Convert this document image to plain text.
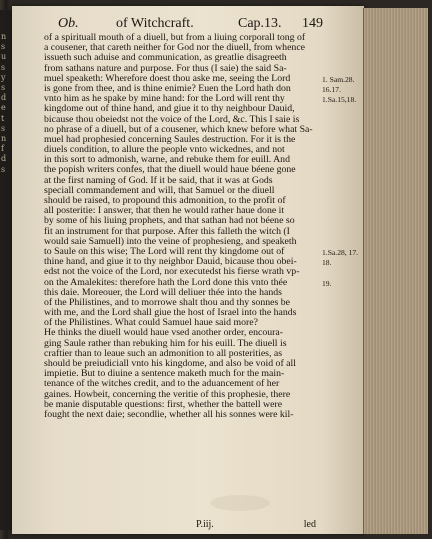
n
s
u
s
y
s
d
e
t
s
n
f
d
s
Ob.	of Witchcraft.	Cap.13. 149
of a spirituall mouth of a diuell, but from a liuing corporall tong of
a cousener, that careth neither for God nor the diuell, from whence
issueth such aduise and communication, as greatlie disagreeth
from sathans nature and purpose. For thus (I saie) the said Sa-
muel speaketh: Wherefore doest thou aske me, seeing the Lord
is gone from thee, and is thine enimie? Euen the Lord hath don
vnto him as he spake by mine hand: for the Lord will rent thy
kingdome out of thine hand, and giue it to thy neighbour Dauid,
bicause thou obeiedst not the voice of the Lord, &c. This I saie is
no phrase of a diuell, but of a cousener, which knew before what Sa-
muel had prophesied concerning Saules destruction. For it is the
diuels condition, to allure the people vnto wickednes, and not
in this sort to admonish, warne, and rebuke them for euill. And
the popish writers confes, that the diuell would haue béene gone
at the first naming of God. If it be said, that it was at Gods
speciall commandement and will, that Samuel or the diuell
should be raised, to propound this admonition, to the profit of
all posteritie: I answer, that then he would rather haue done it
by some of his liuing prophets, and that sathan had not béene so
fit an instrument for that purpose. After this falleth the witch (I
would saie Samuell) into the veine of prophesieng, and speaketh
to Saule on this wise; The Lord will rent thy kingdome out of
thine hand, and giue it to thy neighbor Dauid, bicause thou obei-
edst not the voice of the Lord, nor executedst his fierse wrath vp-
on the Amalekites: therefore hath the Lord done this vnto thée
this daie. Moreouer, the Lord will deliuer thée into the hands
of the Philistines, and to morrowe shalt thou and thy sonnes be
with me, and the Lord shall giue the host of Israel into the hands
of the Philistines. What could Samuel haue said more?
He thinks the diuell would haue vsed another order, encoura-
ging Saule rather than rebuking him for his euill. The diuell is
craftier than to leaue such an admonition to all posterities, as
should be preiudiciall vnto his kingdome, and also be void of all
impietie. But to diuine a sentence maketh much for the main-
tenance of the witches credit, and to the aduancement of her
gaines. Howbeit, concerning the veritie of this prophesie, there
be manie disputable questions: first, whether the battell were
fought the next daie; secondlie, whether all his sonnes were kil-
1. Sam.28.
16.17.
1.Sa.15,18.
1.Sa.28, 17.
18.
19.
P.iij.	led
